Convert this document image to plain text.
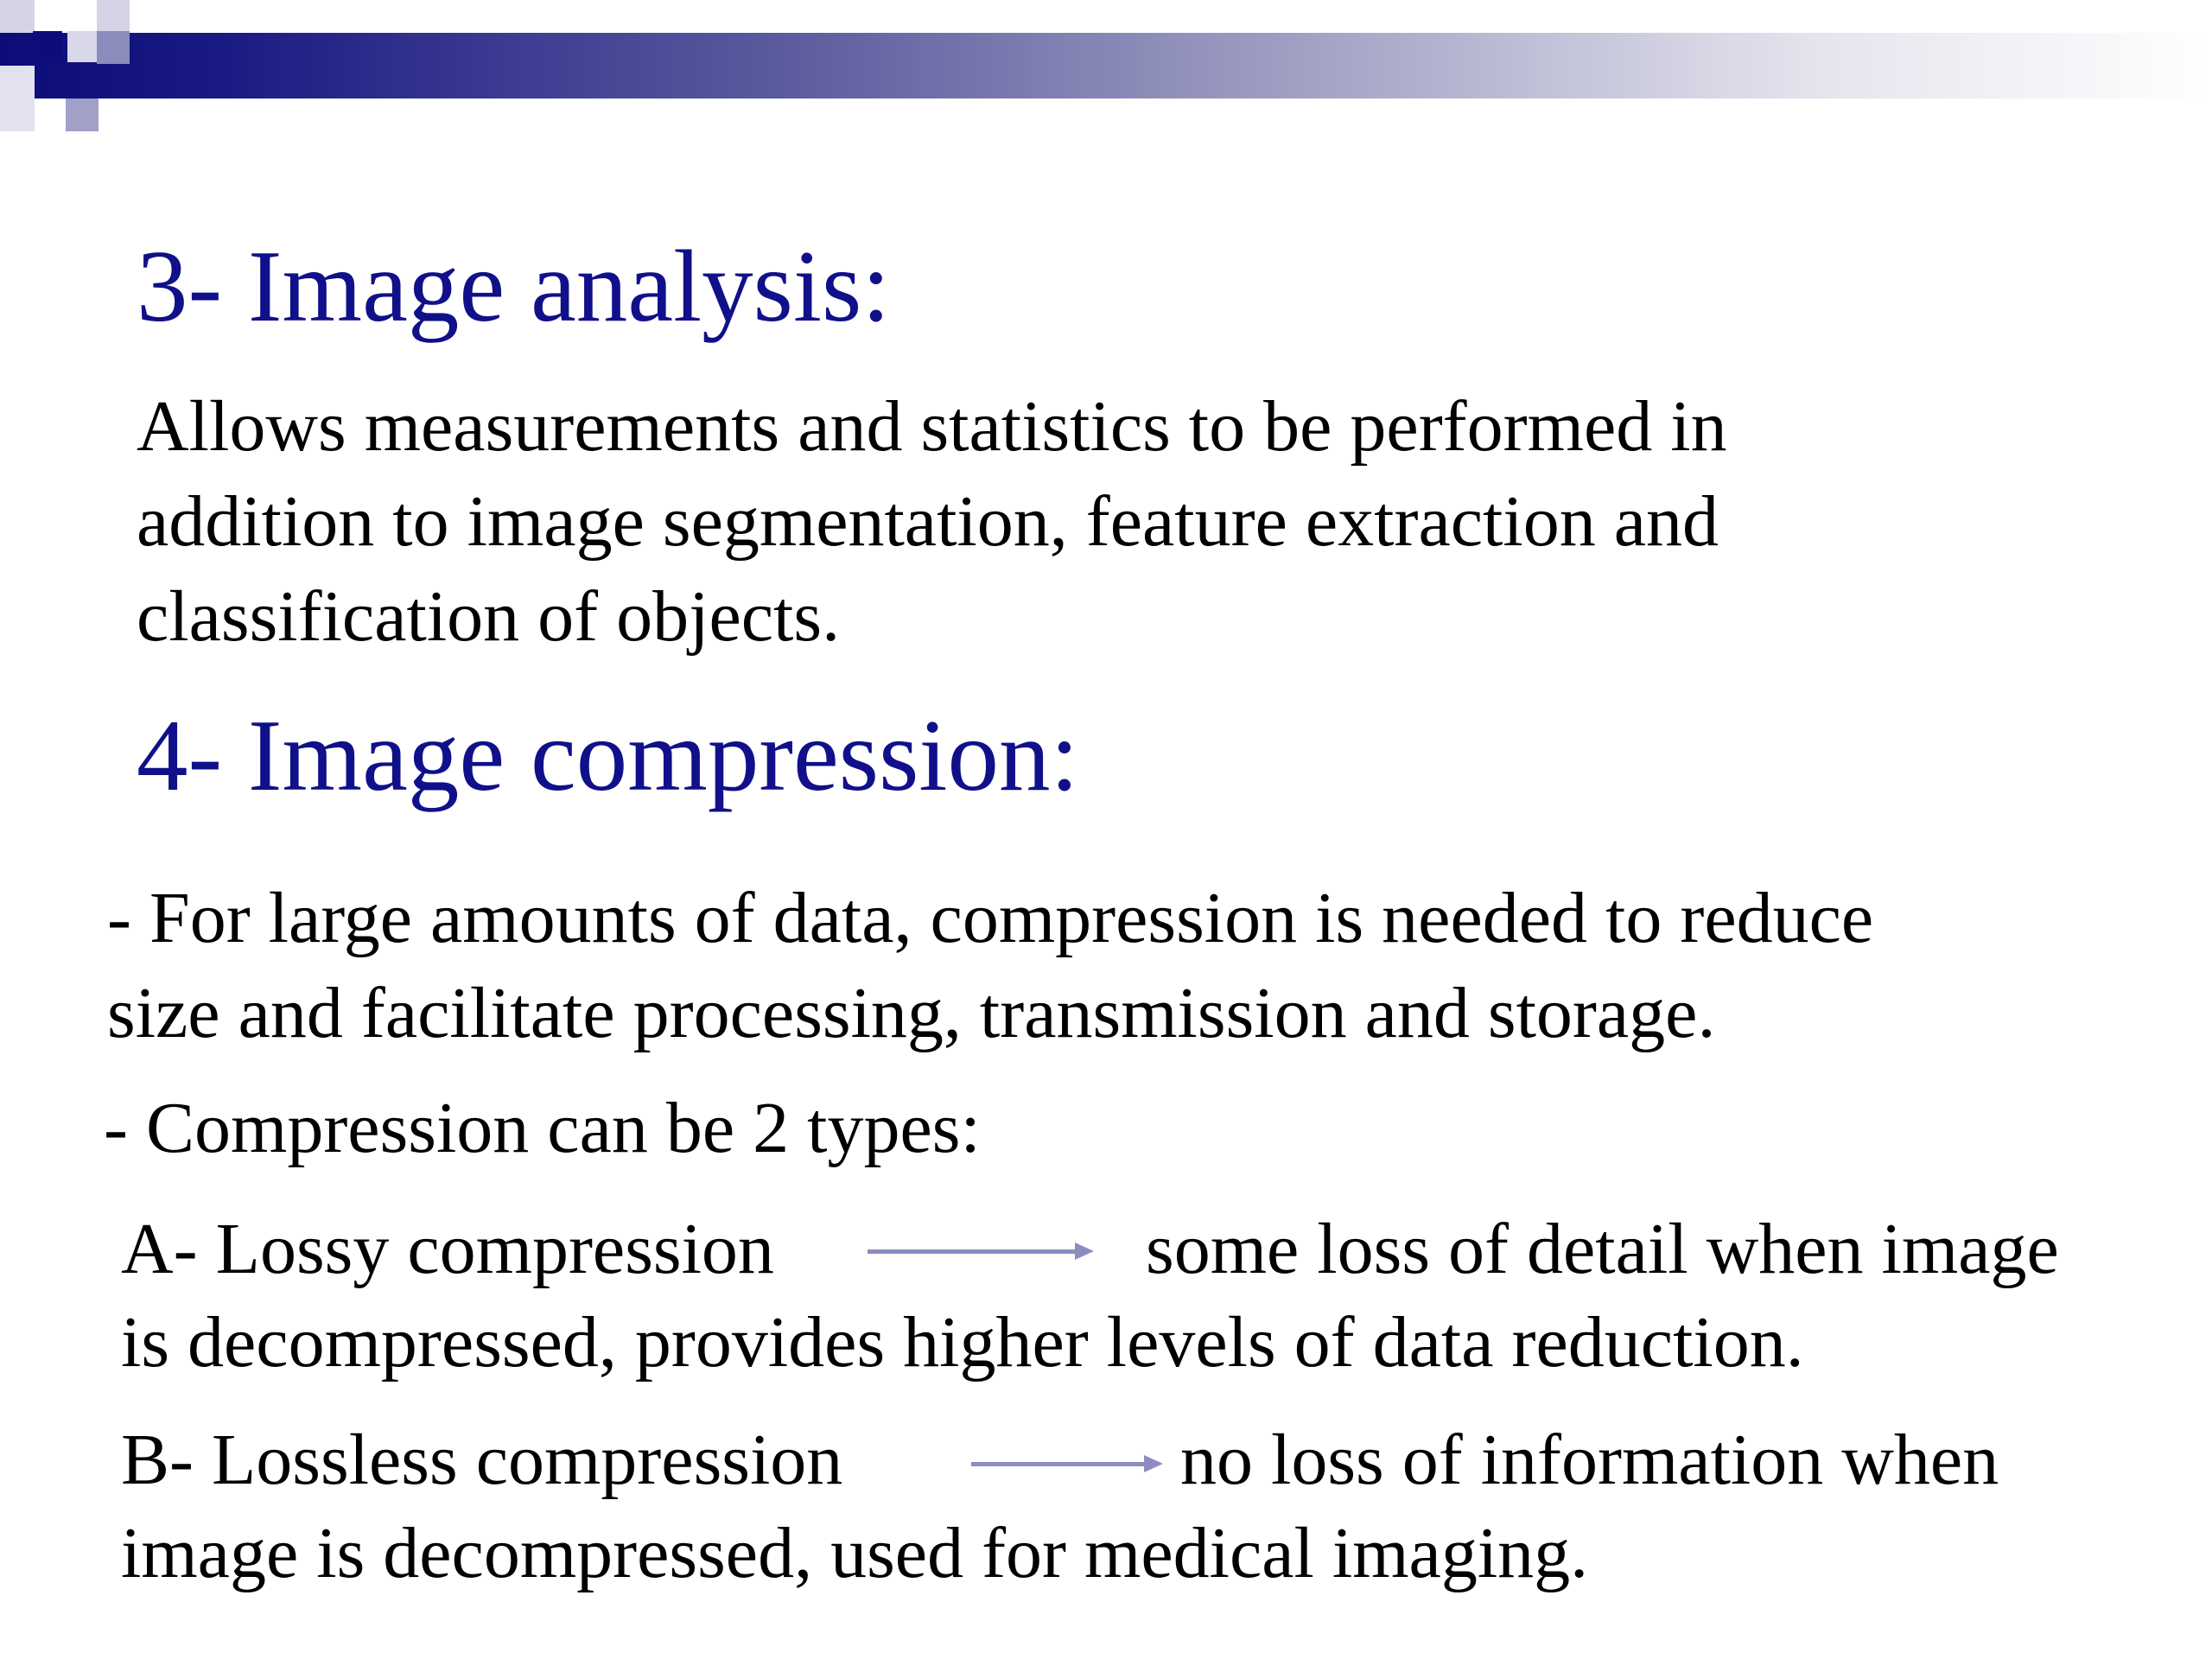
3- Image analysis:

Allows measurements and statistics to be performed in

addition to image segmentation, feature extraction and

classification of objects.

4- Image compression:

- For large amounts of data, compression is needed to reduce

size and facilitate processing, transmission and storage.

- Compression can be 2 types:

A- Lossy compression	some loss of detail when image

is decompressed, provides higher levels of data reduction.

B- Lossless compression	no loss of information when

image is decompressed, used for medical imaging.
